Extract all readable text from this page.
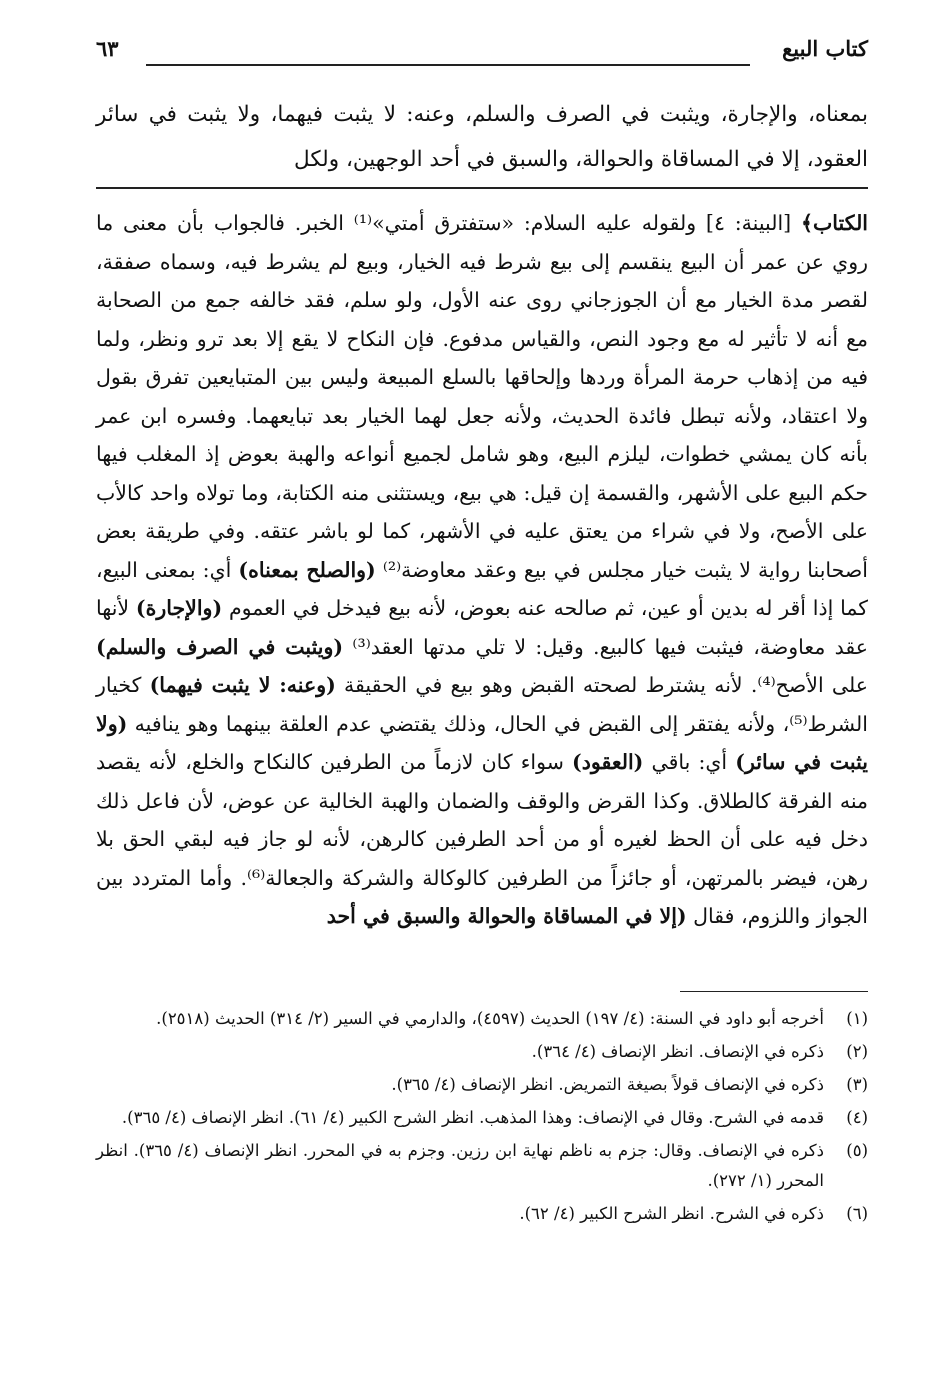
كتاب البيع
٦٣
بمعناه، والإجارة، ويثبت في الصرف والسلم، وعنه: لا يثبت فيهما، ولا يثبت في سائر العقود، إلا في المساقاة والحوالة، والسبق في أحد الوجهين، ولكل
الكتاب﴾ [البينة: ٤] ولقوله عليه السلام: «ستفترق أمتي»⁽¹⁾ الخبر. فالجواب بأن معنى ما روي عن عمر أن البيع ينقسم إلى بيع شرط فيه الخيار، وبيع لم يشرط فيه، وسماه صفقة، لقصر مدة الخيار مع أن الجوزجاني روى عنه الأول، ولو سلم، فقد خالفه جمع من الصحابة مع أنه لا تأثير له مع وجود النص، والقياس مدفوع. فإن النكاح لا يقع إلا بعد ترو ونظر، ولما فيه من إذهاب حرمة المرأة وردها وإلحاقها بالسلع المبيعة وليس بين المتبايعين تفرق بقول ولا اعتقاد، ولأنه تبطل فائدة الحديث، ولأنه جعل لهما الخيار بعد تبايعهما. وفسره ابن عمر بأنه كان يمشي خطوات، ليلزم البيع، وهو شامل لجميع أنواعه والهبة بعوض إذ المغلب فيها حكم البيع على الأشهر، والقسمة إن قيل: هي بيع، ويستثنى منه الكتابة، وما تولاه واحد كالأب على الأصح، ولا في شراء من يعتق عليه في الأشهر، كما لو باشر عتقه. وفي طريقة بعض أصحابنا رواية لا يثبت خيار مجلس في بيع وعقد معاوضة⁽²⁾ (والصلح بمعناه) أي: بمعنى البيع، كما إذا أقر له بدين أو عين، ثم صالحه عنه بعوض، لأنه بيع فيدخل في العموم (والإجارة) لأنها عقد معاوضة، فيثبت فيها كالبيع. وقيل: لا تلي مدتها العقد⁽³⁾ (ويثبت في الصرف والسلم) على الأصح⁽⁴⁾. لأنه يشترط لصحته القبض وهو بيع في الحقيقة (وعنه: لا يثبت فيهما) كخيار الشرط⁽⁵⁾، ولأنه يفتقر إلى القبض في الحال، وذلك يقتضي عدم العلقة بينهما وهو ينافيه (ولا يثبت في سائر) أي: باقي (العقود) سواء كان لازماً من الطرفين كالنكاح والخلع، لأنه يقصد منه الفرقة كالطلاق. وكذا القرض والوقف والضمان والهبة الخالية عن عوض، لأن فاعل ذلك دخل فيه على أن الحظ لغيره أو من أحد الطرفين كالرهن، لأنه لو جاز فيه لبقي الحق بلا رهن، فيضر بالمرتهن، أو جائزاً من الطرفين كالوكالة والشركة والجعالة⁽⁶⁾. وأما المتردد بين الجواز واللزوم، فقال (إلا في المساقاة والحوالة والسبق في أحد
(١)
أخرجه أبو داود في السنة: (٤/ ١٩٧) الحديث (٤٥٩٧)، والدارمي في السير (٢/ ٣١٤) الحديث (٢٥١٨).
(٢)
ذكره في الإنصاف. انظر الإنصاف (٤/ ٣٦٤).
(٣)
ذكره في الإنصاف قولاً بصيغة التمريض. انظر الإنصاف (٤/ ٣٦٥).
(٤)
قدمه في الشرح. وقال في الإنصاف: وهذا المذهب. انظر الشرح الكبير (٤/ ٦١). انظر الإنصاف (٤/ ٣٦٥).
(٥)
ذكره في الإنصاف. وقال: جزم به ناظم نهاية ابن رزين. وجزم به في المحرر. انظر الإنصاف (٤/ ٣٦٥). انظر المحرر (١/ ٢٧٢).
(٦)
ذكره في الشرح. انظر الشرح الكبير (٤/ ٦٢).
